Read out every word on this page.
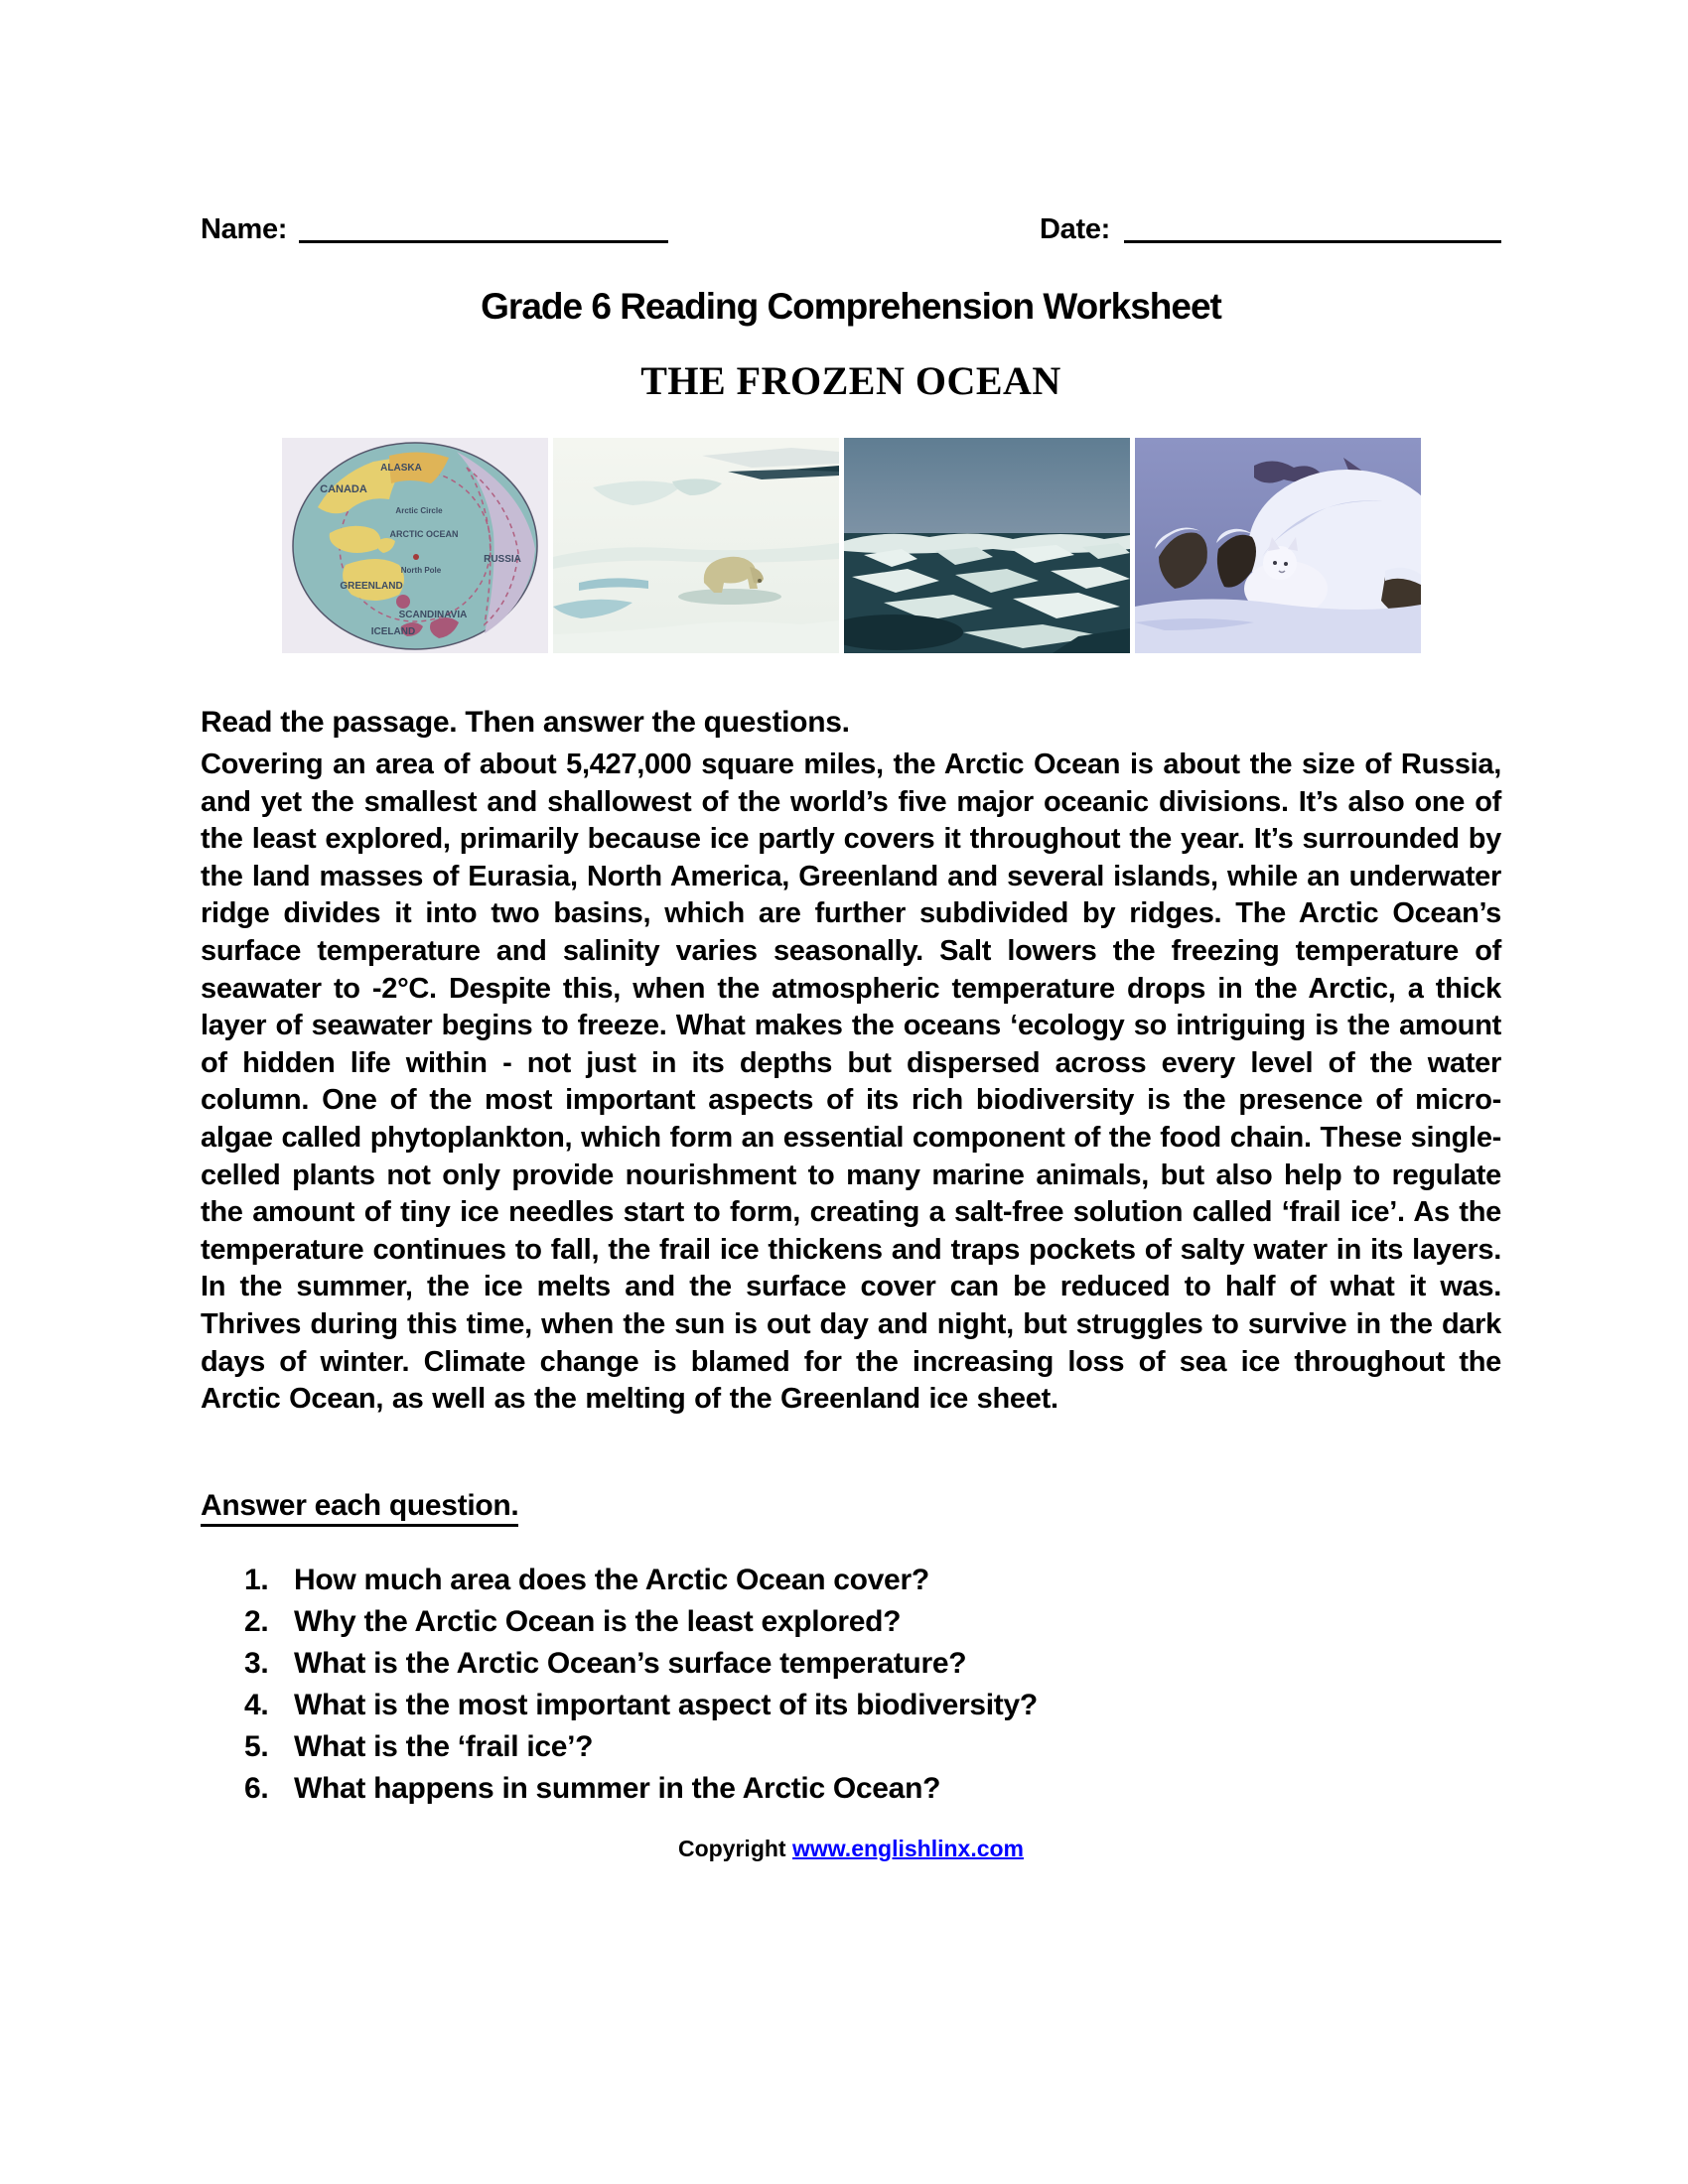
Name:	Date:
Grade 6 Reading Comprehension Worksheet
THE FROZEN OCEAN
ALASKA
CANADA
Arctic Circle
ARCTIC OCEAN
North Pole
RUSSIA
GREENLAND
SCANDINAVIA
ICELAND

Read the passage. Then answer the questions.

Covering an area of about 5,427,000 square miles, the Arctic Ocean is about the size of Russia, and yet the smallest and shallowest of the world’s five major oceanic divisions. It’s also one of the least explored, primarily because ice partly covers it throughout the year. It’s surrounded by the land masses of Eurasia, North America, Greenland and several islands, while an underwater ridge divides it into two basins, which are further subdivided by ridges. The Arctic Ocean’s surface temperature and salinity varies seasonally. Salt lowers the freezing temperature of seawater to -2°C. Despite this, when the atmospheric temperature drops in the Arctic, a thick layer of seawater begins to freeze. What makes the oceans ‘ecology so intriguing is the amount of hidden life within - not just in its depths but dispersed across every level of the water column. One of the most important aspects of its rich biodiversity is the presence of micro-algae called phytoplankton, which form an essential component of the food chain. These single-celled plants not only provide nourishment to many marine animals, but also help to regulate the amount of tiny ice needles start to form, creating a salt-free solution called ‘frail ice’. As the temperature continues to fall, the frail ice thickens and traps pockets of salty water in its layers. In the summer, the ice melts and the surface cover can be reduced to half of what it was. Thrives during this time, when the sun is out day and night, but struggles to survive in the dark days of winter. Climate change is blamed for the increasing loss of sea ice throughout the Arctic Ocean, as well as the melting of the Greenland ice sheet.

Answer each question.

How much area does the Arctic Ocean cover?
Why the Arctic Ocean is the least explored?
What is the Arctic Ocean’s surface temperature?
What is the most important aspect of its biodiversity?
What is the ‘frail ice’?
What happens in summer in the Arctic Ocean?
Copyright www.englishlinx.com
